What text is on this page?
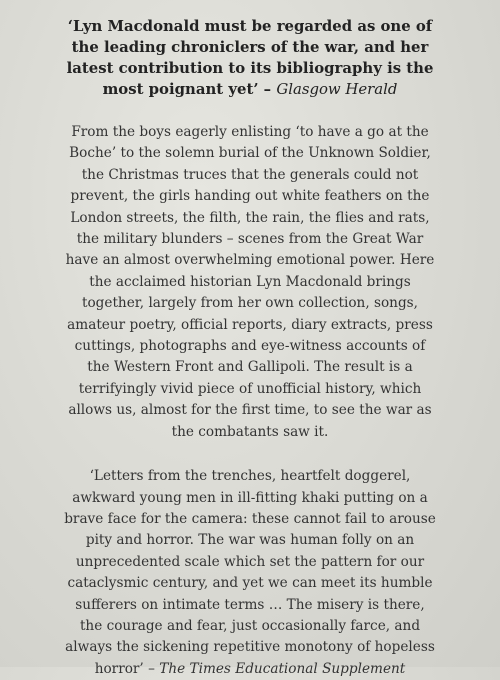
‘Lyn Macdonald must be regarded as one of
the leading chroniclers of the war, and her
latest contribution to its bibliography is the
most poignant yet’ – Glasgow Herald
From the boys eagerly enlisting ‘to have a go at the
Boche’ to the solemn burial of the Unknown Soldier,
the Christmas truces that the generals could not
prevent, the girls handing out white feathers on the
London streets, the filth, the rain, the flies and rats,
the military blunders – scenes from the Great War
have an almost overwhelming emotional power. Here
the acclaimed historian Lyn Macdonald brings
together, largely from her own collection, songs,
amateur poetry, official reports, diary extracts, press
cuttings, photographs and eye-witness accounts of
the Western Front and Gallipoli. The result is a
terrifyingly vivid piece of unofficial history, which
allows us, almost for the first time, to see the war as
the combatants saw it.
‘Letters from the trenches, heartfelt doggerel,
awkward young men in ill-fitting khaki putting on a
brave face for the camera: these cannot fail to arouse
pity and horror. The war was human folly on an
unprecedented scale which set the pattern for our
cataclysmic century, and yet we can meet its humble
sufferers on intimate terms … The misery is there,
the courage and fear, just occasionally farce, and
always the sickening repetitive monotony of hopeless
horror’ – The Times Educational Supplement
